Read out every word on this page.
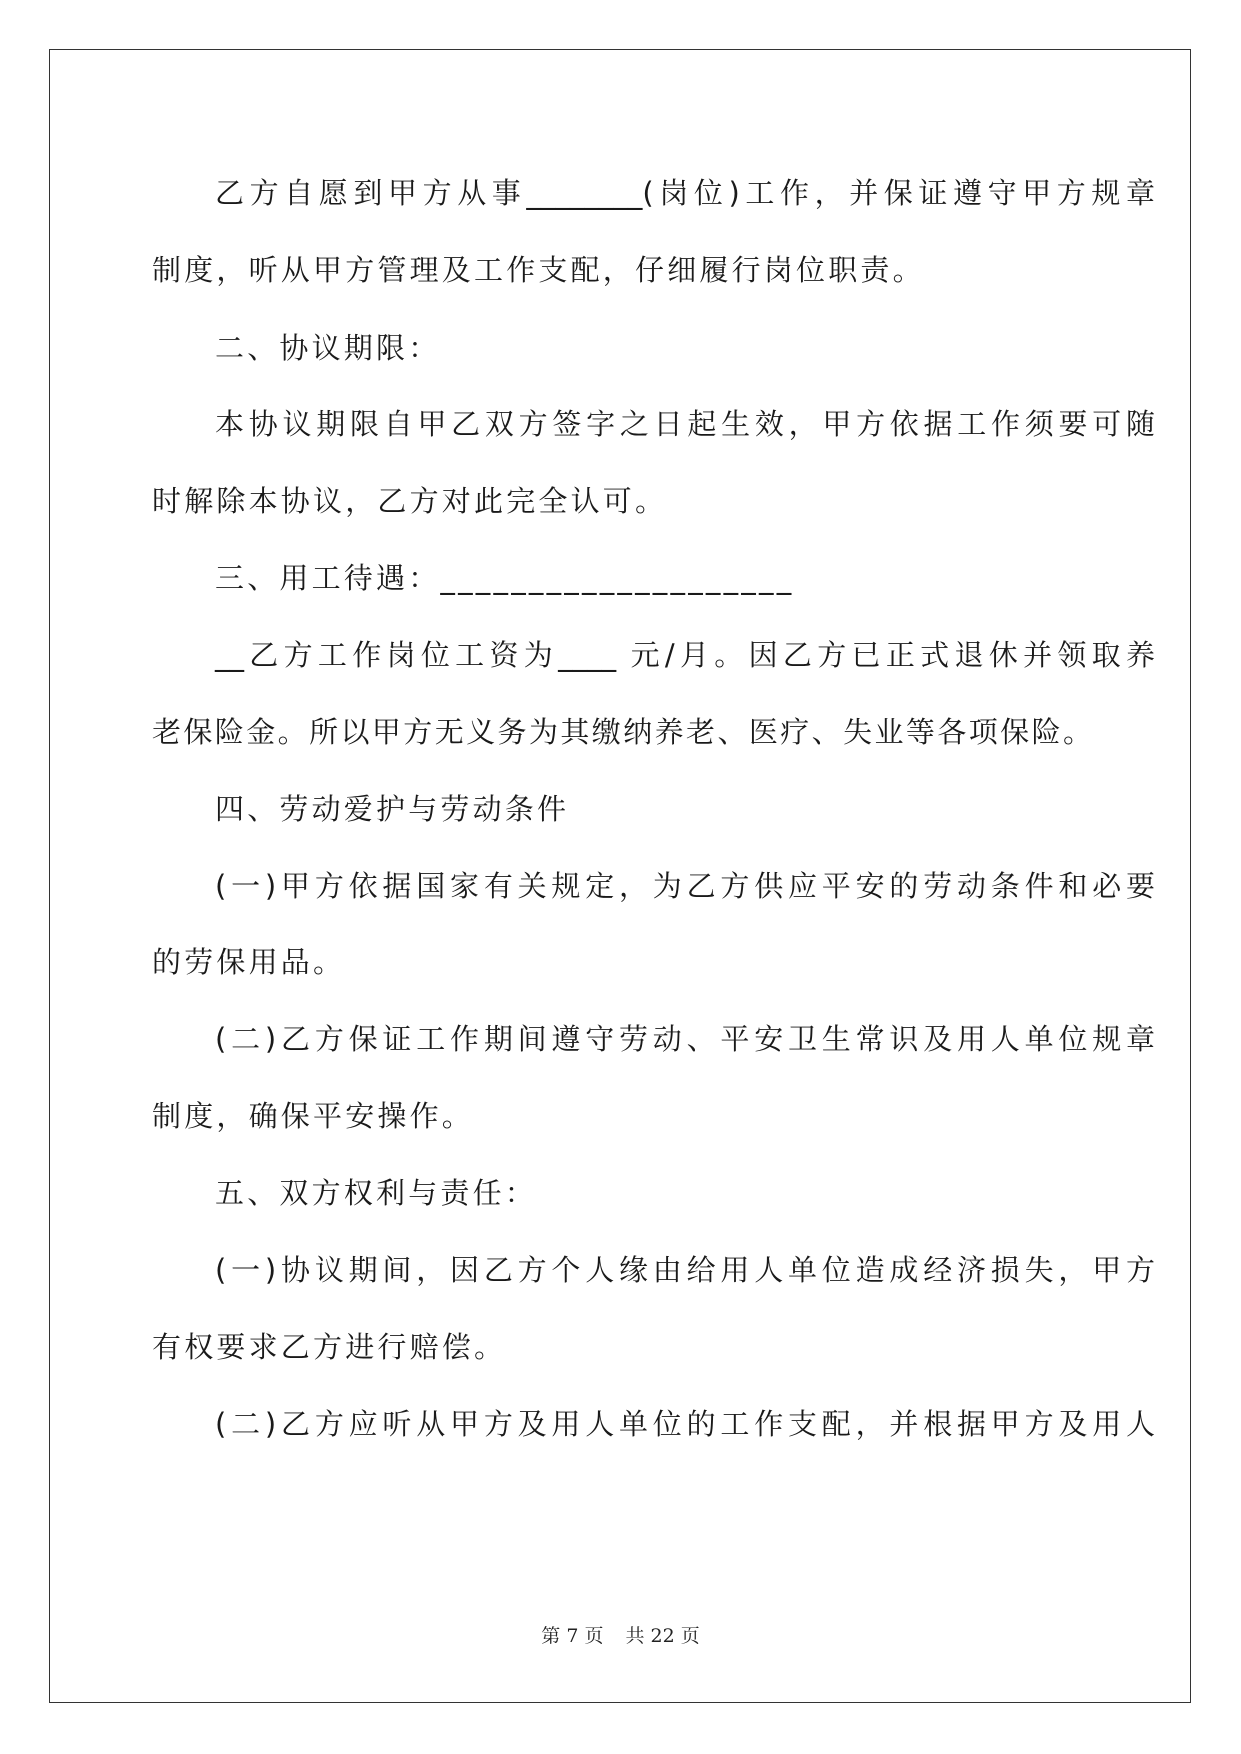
乙方自愿到甲方从事________(岗位)工作，并保证遵守甲方规章
制度，听从甲方管理及工作支配，仔细履行岗位职责。
二、协议期限：
本协议期限自甲乙双方签字之日起生效，甲方依据工作须要可随
时解除本协议，乙方对此完全认可。
三、用工待遇：____________________
__乙方工作岗位工资为____ 元/月。因乙方已正式退休并领取养
老保险金。所以甲方无义务为其缴纳养老、医疗、失业等各项保险。
四、劳动爱护与劳动条件
(一)甲方依据国家有关规定，为乙方供应平安的劳动条件和必要
的劳保用品。
(二)乙方保证工作期间遵守劳动、平安卫生常识及用人单位规章
制度，确保平安操作。
五、双方权利与责任：
(一)协议期间，因乙方个人缘由给用人单位造成经济损失，甲方
有权要求乙方进行赔偿。
(二)乙方应听从甲方及用人单位的工作支配，并根据甲方及用人
第 7 页 共 22 页
